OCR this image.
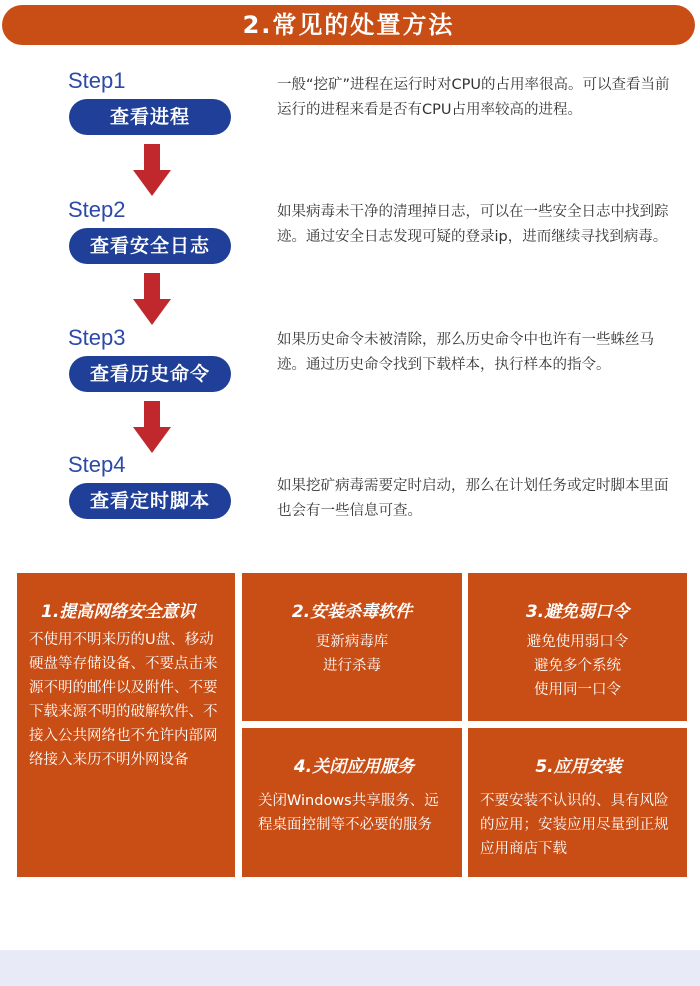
2.常见的处置方法
Step1
查看进程
一般“挖矿”进程在运行时对CPU的占用率很高。可以查看当前运行的进程来看是否有CPU占用率较高的进程。
Step2
查看安全日志
如果病毒未干净的清理掉日志，可以在一些安全日志中找到踪迹。通过安全日志发现可疑的登录ip，进而继续寻找到病毒。
Step3
查看历史命令
如果历史命令未被清除，那么历史命令中也许有一些蛛丝马迹。通过历史命令找到下载样本，执行样本的指令。
Step4
查看定时脚本
如果挖矿病毒需要定时启动，那么在计划任务或定时脚本里面也会有一些信息可查。
1.提高网络安全意识
不使用不明来历的U盘、移动硬盘等存储设备、不要点击来源不明的邮件以及附件、不要下载来源不明的破解软件、不接入公共网络也不允许内部网络接入来历不明外网设备
2.安装杀毒软件
更新病毒库
进行杀毒
3.避免弱口令
避免使用弱口令
避免多个系统
使用同一口令
4.关闭应用服务
关闭Windows共享服务、远程桌面控制等不必要的服务
5.应用安装
不要安装不认识的、具有风险的应用；安装应用尽量到正规应用商店下载
